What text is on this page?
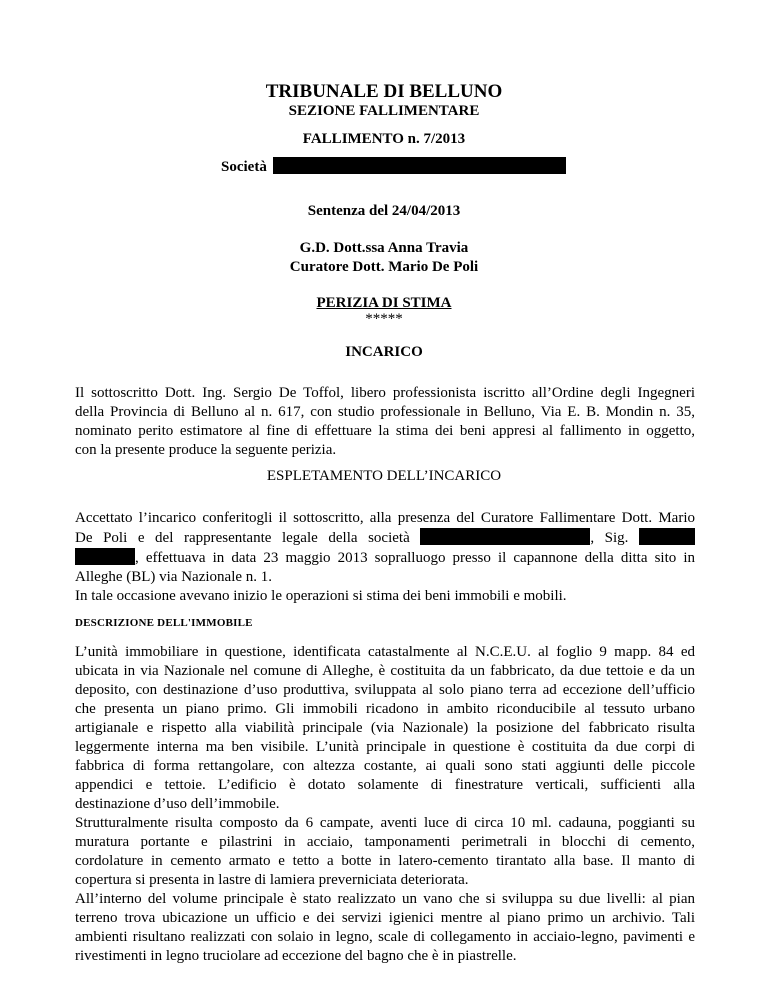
TRIBUNALE DI BELLUNO
SEZIONE FALLIMENTARE
FALLIMENTO n. 7/2013
Società
Sentenza del 24/04/2013
G.D. Dott.ssa Anna Travia
Curatore Dott. Mario De Poli
PERIZIA DI STIMA
*****
INCARICO
Il sottoscritto Dott. Ing. Sergio De Toffol, libero professionista iscritto all’Ordine degli Ingegneri
della Provincia di Belluno al n. 617, con studio professionale in Belluno, Via E. B. Mondin n. 35,
nominato perito estimatore al fine di effettuare la stima dei beni appresi al fallimento in oggetto,
con la presente produce la seguente perizia.
ESPLETAMENTO DELL’INCARICO
Accettato l’incarico conferitogli il sottoscritto, alla presenza del Curatore Fallimentare Dott. Mario
De Poli e del rappresentante legale della società	, Sig.
, effettuava in data 23 maggio 2013 sopralluogo presso il capannone della ditta sito in
Alleghe (BL) via Nazionale n. 1.
In tale occasione avevano inizio le operazioni si stima dei beni immobili e mobili.
DESCRIZIONE DELL'IMMOBILE
L’unità immobiliare in questione, identificata catastalmente al N.C.E.U. al foglio 9 mapp. 84 ed
ubicata in via Nazionale nel comune di Alleghe, è costituita da un fabbricato, da due tettoie e da un
deposito, con destinazione d’uso produttiva, sviluppata al solo piano terra ad eccezione dell’ufficio
che presenta un piano primo. Gli immobili ricadono in ambito riconducibile al tessuto urbano
artigianale e rispetto alla viabilità principale (via Nazionale) la posizione del fabbricato risulta
leggermente interna ma ben visibile. L’unità principale in questione è costituita da due corpi di
fabbrica di forma rettangolare, con altezza costante, ai quali sono stati aggiunti delle piccole
appendici e tettoie. L’edificio è dotato solamente di finestrature verticali, sufficienti alla
destinazione d’uso dell’immobile.
Strutturalmente risulta composto da 6 campate, aventi luce di circa 10 ml. cadauna, poggianti su
muratura portante e pilastrini in acciaio, tamponamenti perimetrali in blocchi di cemento,
cordolature in cemento armato e tetto a botte in latero-cemento tirantato alla base. Il manto di
copertura si presenta in lastre di lamiera preverniciata deteriorata.
All’interno del volume principale è stato realizzato un vano che si sviluppa su due livelli: al pian
terreno trova ubicazione un ufficio e dei servizi igienici mentre al piano primo un archivio. Tali
ambienti risultano realizzati con solaio in legno, scale di collegamento in acciaio-legno, pavimenti e
rivestimenti in legno truciolare ad eccezione del bagno che è in piastrelle.
